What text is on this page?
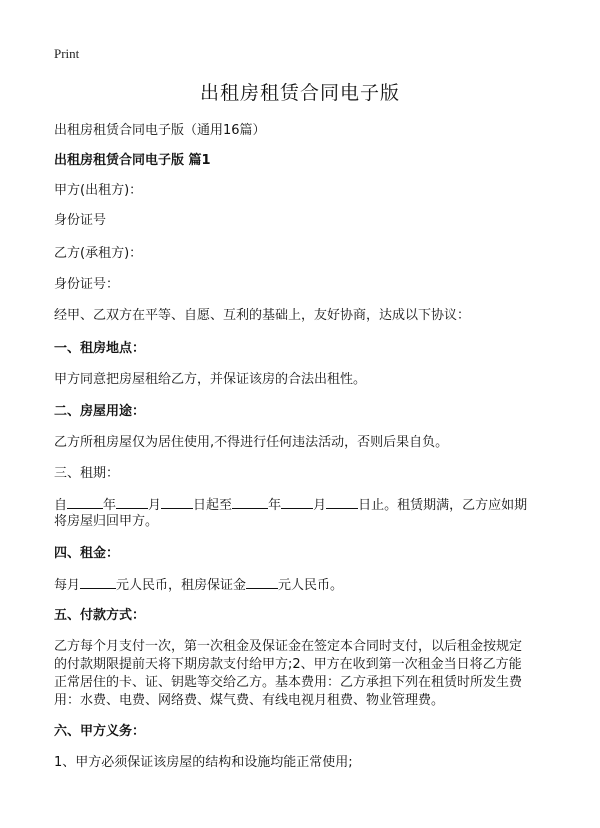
Print
出租房租赁合同电子版

出租房租赁合同电子版（通用16篇）

出租房租赁合同电子版 篇1

甲方(出租方)：

身份证号

乙方(承租方)：

身份证号：

经甲、乙双方在平等、自愿、互利的基础上，友好协商，达成以下协议：

一、租房地点：

甲方同意把房屋租给乙方，并保证该房的合法出租性。

二、房屋用途：

乙方所租房屋仅为居住使用,不得进行任何违法活动，否则后果自负。

三、租期：

自	年 月 日起至	年 月 日止。租赁期满，乙方应如期

将房屋归回甲方。

四、租金：

每月	元人民币，租房保证金 元人民币。

五、付款方式：

乙方每个月支付一次，第一次租金及保证金在签定本合同时支付，以后租金按规定

的付款期限提前天将下期房款支付给甲方;2、甲方在收到第一次租金当日将乙方能

正常居住的卡、证、钥匙等交给乙方。基本费用：乙方承担下列在租赁时所发生费

用：水费、电费、网络费、煤气费、有线电视月租费、物业管理费。

六、甲方义务：

1、甲方必须保证该房屋的结构和设施均能正常使用;
